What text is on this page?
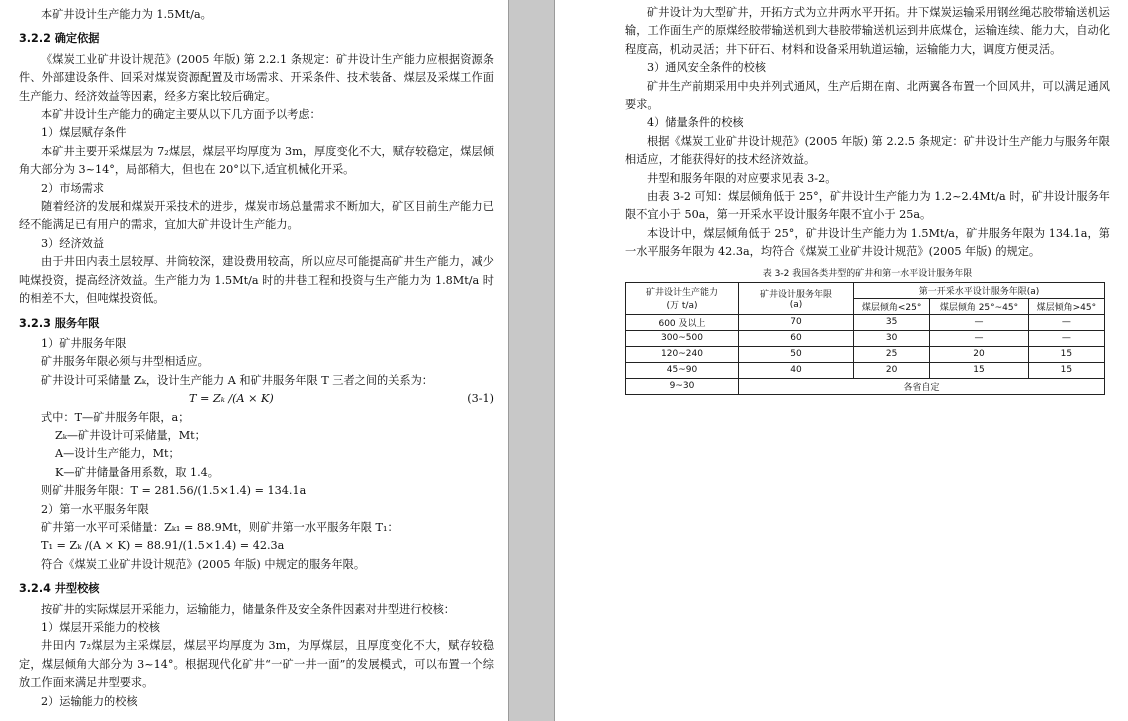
本矿井设计生产能力为 1.5Mt/a。

3.2.2 确定依据

《煤炭工业矿井设计规范》(2005 年版) 第 2.2.1 条规定：矿井设计生产能力应根据资源条件、外部建设条件、回采对煤炭资源配置及市场需求、开采条件、技术装备、煤层及采煤工作面生产能力、经济效益等因素，经多方案比较后确定。

本矿井设计生产能力的确定主要从以下几方面予以考虑：

1）煤层赋存条件

本矿井主要开采煤层为 7₂煤层，煤层平均厚度为 3m，厚度变化不大，赋存较稳定，煤层倾角大部分为 3~14°，局部稍大，但也在 20°以下,适宜机械化开采。

2）市场需求

随着经济的发展和煤炭开采技术的进步，煤炭市场总量需求不断加大，矿区目前生产能力已经不能满足已有用户的需求，宜加大矿井设计生产能力。

3）经济效益

由于井田内表土层较厚、井筒较深，建设费用较高，所以应尽可能提高矿井生产能力，减少吨煤投资，提高经济效益。生产能力为 1.5Mt/a 时的井巷工程和投资与生产能力为 1.8Mt/a 时的相差不大，但吨煤投资低。

3.2.3 服务年限

1）矿井服务年限

矿井服务年限必须与井型相适应。

矿井设计可采储量 Zₖ，设计生产能力 A 和矿井服务年限 T 三者之间的关系为：

T = Zₖ /(A × K)	(3-1)

式中：T—矿井服务年限，a；

Zₖ—矿井设计可采储量，Mt；

A—设计生产能力，Mt；

K—矿井储量备用系数，取 1.4。

则矿井服务年限：T = 281.56/(1.5×1.4) = 134.1a

2）第一水平服务年限

矿井第一水平可采储量：Zₖ₁ = 88.9Mt，则矿井第一水平服务年限 T₁：

T₁ = Zₖ /(A × K) = 88.91/(1.5×1.4) = 42.3a

符合《煤炭工业矿井设计规范》(2005 年版) 中规定的服务年限。

3.2.4 井型校核

按矿井的实际煤层开采能力，运输能力，储量条件及安全条件因素对井型进行校核：

1）煤层开采能力的校核

井田内 7₂煤层为主采煤层，煤层平均厚度为 3m，为厚煤层，且厚度变化不大，赋存较稳定，煤层倾角大部分为 3~14°。根据现代化矿井“一矿一井一面”的发展模式，可以布置一个综放工作面来满足井型要求。

2）运输能力的校核

矿井设计为大型矿井，开拓方式为立井两水平开拓。井下煤炭运输采用钢丝绳芯胶带输送机运输，工作面生产的原煤经胶带输送机到大巷胶带输送机运到井底煤仓，运输连续、能力大，自动化程度高，机动灵活；井下矸石、材料和设备采用轨道运输，运输能力大，调度方便灵活。

3）通风安全条件的校核

矿井生产前期采用中央并列式通风，生产后期在南、北两翼各布置一个回风井，可以满足通风要求。

4）储量条件的校核

根据《煤炭工业矿井设计规范》(2005 年版) 第 2.2.5 条规定：矿井设计生产能力与服务年限相适应，才能获得好的技术经济效益。

井型和服务年限的对应要求见表 3-2。

由表 3-2 可知：煤层倾角低于 25°，矿井设计生产能力为 1.2~2.4Mt/a 时，矿井设计服务年限不宜小于 50a，第一开采水平设计服务年限不宜小于 25a。

本设计中，煤层倾角低于 25°，矿井设计生产能力为 1.5Mt/a，矿井服务年限为 134.1a，第一水平服务年限为 42.3a，均符合《煤炭工业矿井设计规范》(2005 年版) 的规定。

表 3-2 我国各类井型的矿井和第一水平设计服务年限
矿井设计生产能力
(万 t/a)	矿井设计服务年限
(a)	第一开采水平设计服务年限(a)		
		煤层倾角<25°	煤层倾角 25°~45°	煤层倾角>45°
600 及以上	70	35	—	—
300~500	60	30	—	—
120~240	50	25	20	15
45~90	40	20	15	15
9~30	各省自定			
